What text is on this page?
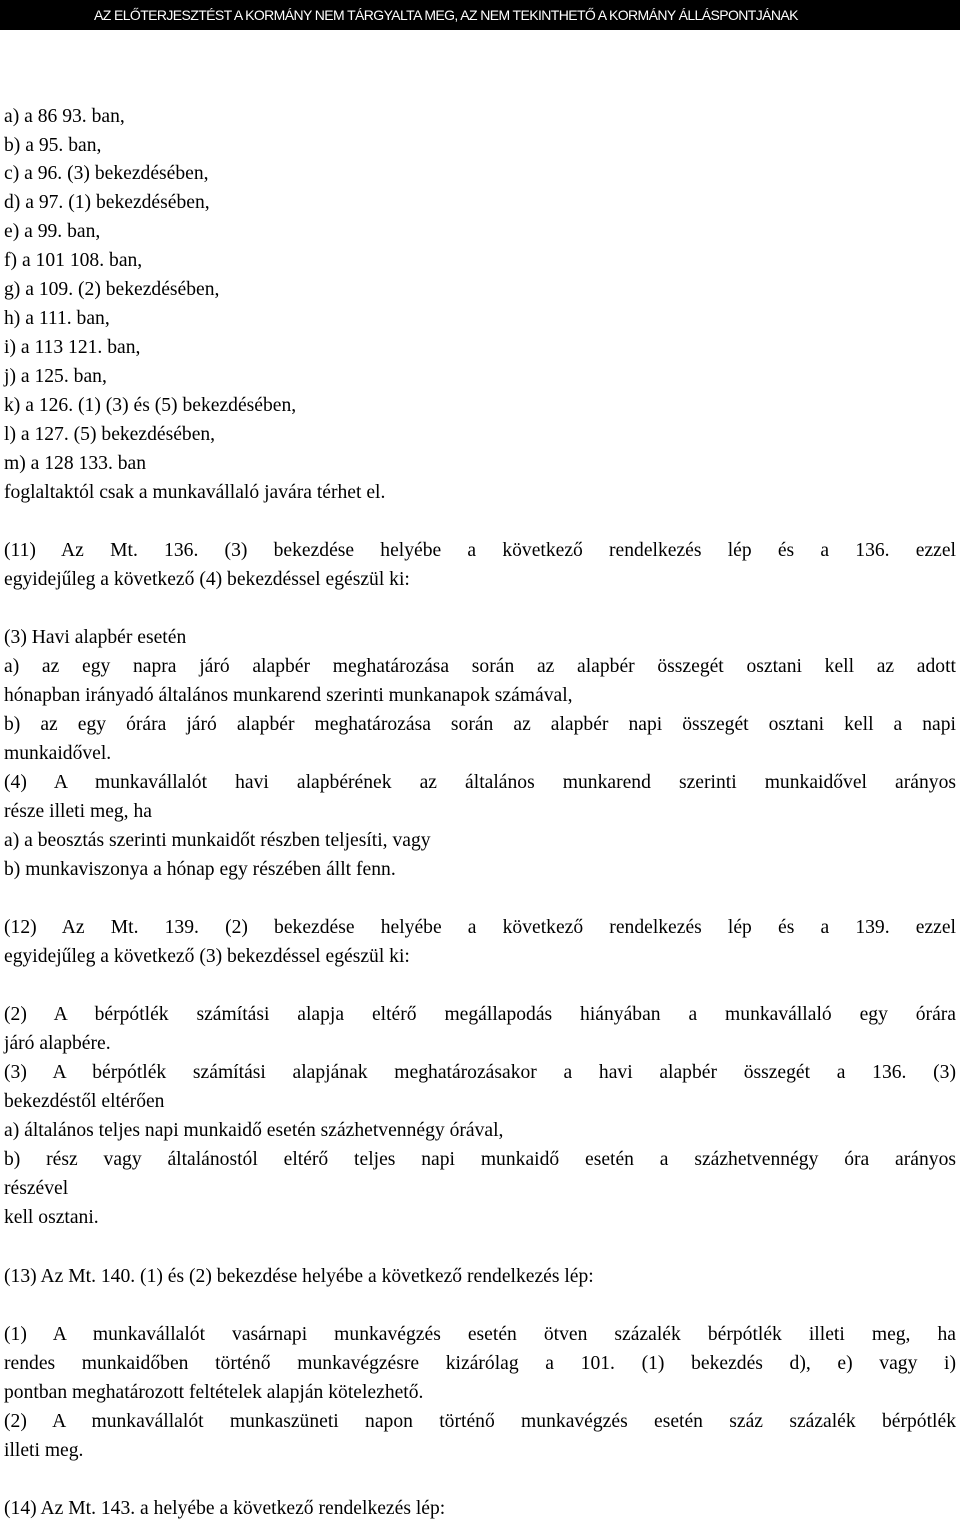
AZ ELŐTERJESZTÉST A KORMÁNY NEM TÁRGYALTA MEG, AZ NEM TEKINTHETŐ A KORMÁNY ÁLLÁSPONTJÁNAK
a) a 86 93. ban,
b) a 95. ban,
c) a 96. (3) bekezdésében,
d) a 97. (1) bekezdésében,
e) a 99. ban,
f) a 101 108. ban,
g) a 109. (2) bekezdésében,
h) a 111. ban,
i) a 113 121. ban,
j) a 125. ban,
k) a 126. (1) (3) és (5) bekezdésében,
l) a 127. (5) bekezdésében,
m) a 128 133. ban
foglaltaktól csak a munkavállaló javára térhet el.
(11) Az Mt. 136. (3) bekezdése helyébe a következő rendelkezés lép és a 136. ezzel
egyidejűleg a következő (4) bekezdéssel egészül ki:
(3) Havi alapbér esetén
a) az egy napra járó alapbér meghatározása során az alapbér összegét osztani kell az adott
hónapban irányadó általános munkarend szerinti munkanapok számával,
b) az egy órára járó alapbér meghatározása során az alapbér napi összegét osztani kell a napi
munkaidővel.
(4) A munkavállalót havi alapbérének az általános munkarend szerinti munkaidővel arányos
része illeti meg, ha
a) a beosztás szerinti munkaidőt részben teljesíti, vagy
b) munkaviszonya a hónap egy részében állt fenn.
(12) Az Mt. 139. (2) bekezdése helyébe a következő rendelkezés lép és a 139. ezzel
egyidejűleg a következő (3) bekezdéssel egészül ki:
(2) A bérpótlék számítási alapja eltérő megállapodás hiányában a munkavállaló egy órára
járó alapbére.
(3) A bérpótlék számítási alapjának meghatározásakor a havi alapbér összegét a 136. (3)
bekezdéstől eltérően
a) általános teljes napi munkaidő esetén százhetvennégy órával,
b) rész vagy általánostól eltérő teljes napi munkaidő esetén a százhetvennégy óra arányos
részével
kell osztani.
(13) Az Mt. 140. (1) és (2) bekezdése helyébe a következő rendelkezés lép:
(1) A munkavállalót vasárnapi munkavégzés esetén ötven százalék bérpótlék illeti meg, ha
rendes munkaidőben történő munkavégzésre kizárólag a 101. (1) bekezdés d), e) vagy i)
pontban meghatározott feltételek alapján kötelezhető.
(2) A munkavállalót munkaszüneti napon történő munkavégzés esetén száz százalék bérpótlék
illeti meg.
(14) Az Mt. 143. a helyébe a következő rendelkezés lép:
